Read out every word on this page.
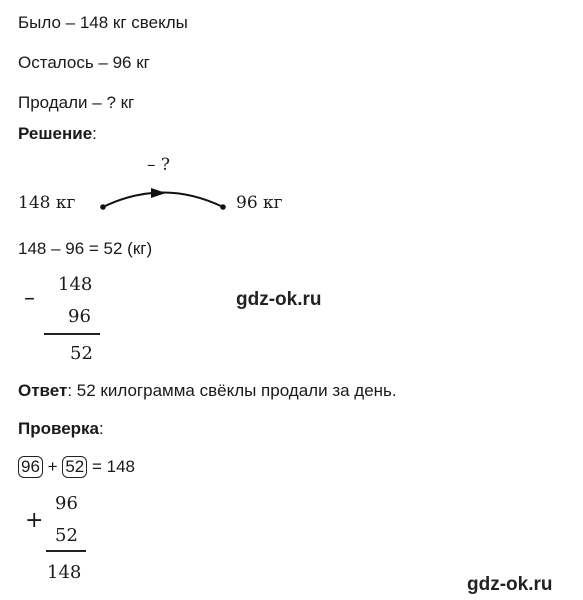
Было – 148 кг свеклы
Осталось – 96 кг
Продали – ? кг
Решение:
148 кг
– ?
96 кг
148 – 96 = 52 (кг)
–
148
96
52
gdz-ok.ru
Ответ: 52 килограмма свёклы продали за день.
Проверка:
96 + 52 = 148
+
96
52
148
gdz-ok.ru
